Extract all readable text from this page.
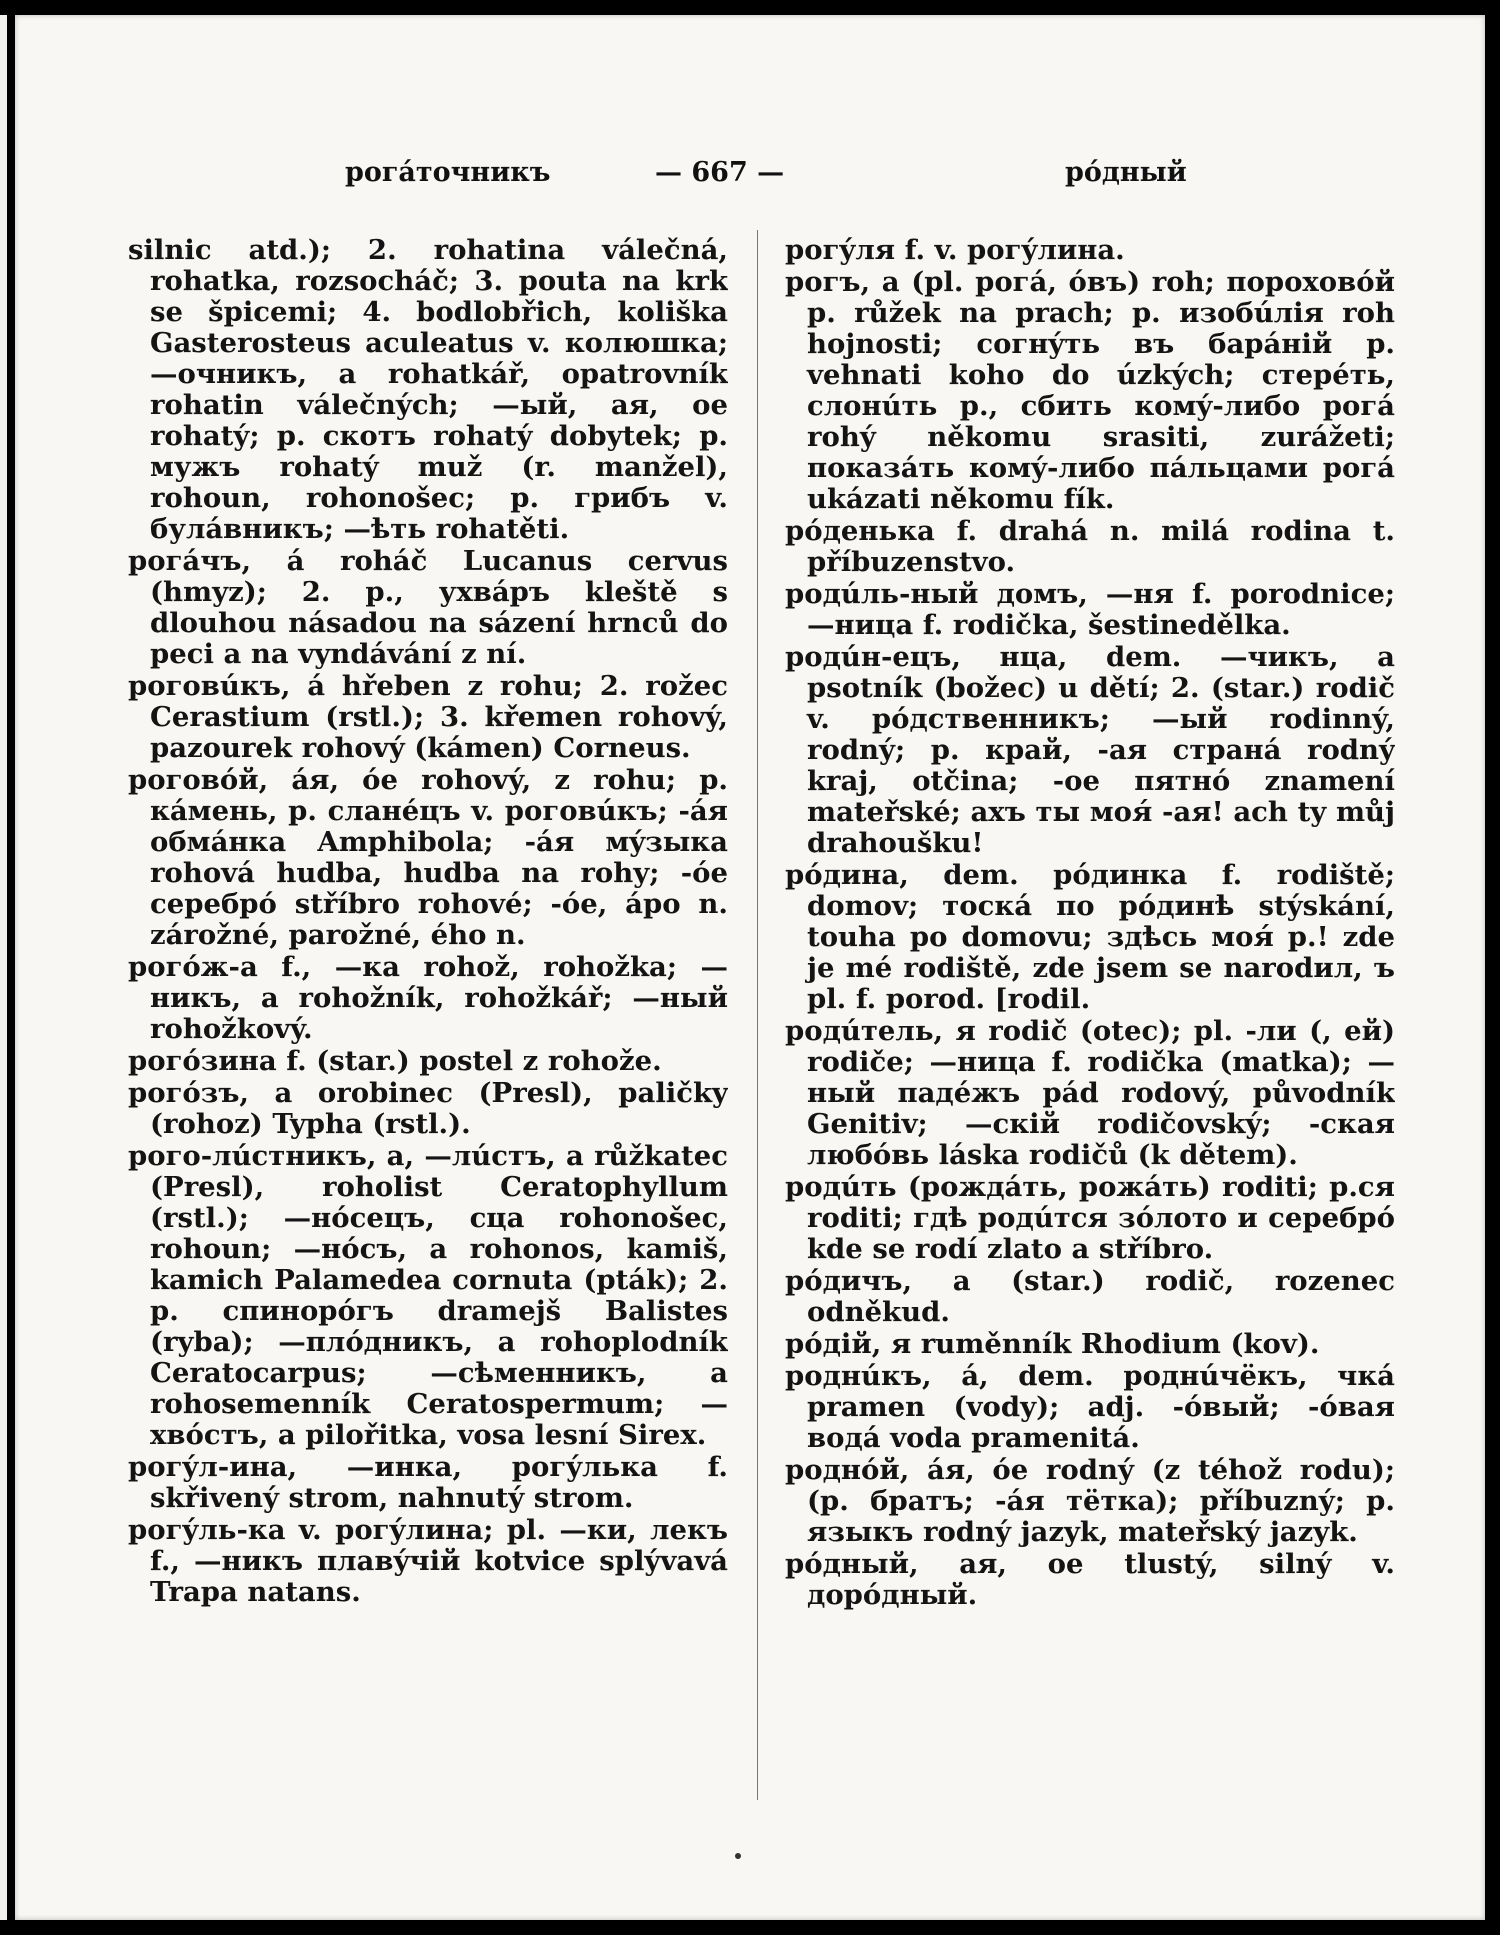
рогáточникъ	— 667 —	рóдный

silnic atd.); 2. rohatina válečná, rohatka, rozsocháč; 3. pouta na krk se špicemi; 4. bodlobřich, koliška Gasterosteus aculeatus v. колюшка; —очникъ, a rohatkář, opatrovník rohatin válečných; —ый, ая, ое rohatý; р. скотъ rohatý dobytek; р. мужъ rohatý muž (r. manžel), rohoun, rohonošec; р. грибъ v. булáвникъ; —ѣть rohatěti.

рогáчъ, á roháč Lucanus cervus (hmyz); 2. р., ухвáръ kleště s dlouhou násadou na sázení hrnců do peci a na vyndávání z ní.

роговúкъ, á hřeben z rohu; 2. rožec Cerastium (rstl.); 3. křemen rohový, pazourek rohový (kámen) Corneus.

роговóй, áя, óе rohový, z rohu; р. кáмень, р. сланéцъ v. роговúкъ; -áя обмáнка Amphibola; -áя мýзыка rohová hudba, hudba na rohy; -óе серебрó stříbro rohové; -óе, áро n. zárožné, parožné, ého n.

рогóж-а f., —ка rohož, rohožka; —никъ, a rohožník, rohožkář; —ный rohožkový.

рогóзина f. (star.) postel z rohože.

рогóзъ, a orobinec (Presl), paličky (rohoz) Typha (rstl.).

рого-лúстникъ, a, —лúстъ, a růžkatec (Presl), roholist Ceratophyllum (rstl.); —нóсецъ, сца rohonošec, rohoun; —нóсъ, a rohonos, kamiš, kamich Palamedea cornuta (pták); 2. р. спинорóгъ dramejš Balistes (ryba); —плóдникъ, a rohoplodník Ceratocarpus; —сѣменникъ, a rohosemenník Ceratospermum; —хвóстъ, a pilořitka, vosa lesní Sirex.

рогýл-ина, —инка, рогýлька f. skřivený strom, nahnutý strom.

рогýль-ка v. рогýлина; pl. —ки, лекъ f., —никъ плавýчій kotvice splývavá Trapa natans.

рогýля f. v. рогýлина.

рогъ, a (pl. рогá, óвъ) roh; пороховóй р. růžek na prach; р. изобúлія roh hojnosti; согнýть въ барáній р. vehnati koho do úzkých; стерéть, слонúть р., сбить комý-либо рогá rohý někomu srasiti, zurážeti; показáть комý-либо пáльцами рогá ukázati někomu fík.

рóденька f. drahá n. milá rodina t. příbuzenstvo.

родúль-ный домъ, —ня f. porodnice; —ница f. rodička, šestinedělka.

родúн-ецъ, нца, dem. —чикъ, a psotník (božec) u dětí; 2. (star.) rodič v. рóдственникъ; —ый rodinný, rodný; р. край, -ая странá rodný kraj, otčina; -ое пятнó znamení mateřské; ахъ ты моя́ -ая! ach ty můj drahoušku!

рóдина, dem. рóдинка f. rodiště; domov; тоскá по рóдинѣ stýskání, touha po domovu; здѣсь моя́ р.! zde je mé rodiště, zde jsem se narodил, ъ pl. f. porod. [rodil.

родúтель, я rodič (otec); pl. -ли (, ей) rodiče; —ница f. rodička (matka); —ный падéжъ pád rodový, původník Genitiv; —скій rodičovský; -ская любóвь láska rodičů (k dětem).

родúть (рождáть, рожáть) roditi; р.ся roditi; гдѣ родúтся зóлото и серебрó kde se rodí zlato a stříbro.

рóдичъ, a (star.) rodič, rozenec odněkud.

рóдій, я ruměnník Rhodium (kov).

роднúкъ, á, dem. роднúчёкъ, чкá pramen (vody); adj. -óвый; -óвая водá voda pramenitá.

роднóй, áя, óе rodný (z téhož rodu); (р. братъ; -áя тётка); příbuzný; р. языкъ rodný jazyk, mateřský jazyk.

рóдный, ая, ое tlustý, silný v. дорóдный.
